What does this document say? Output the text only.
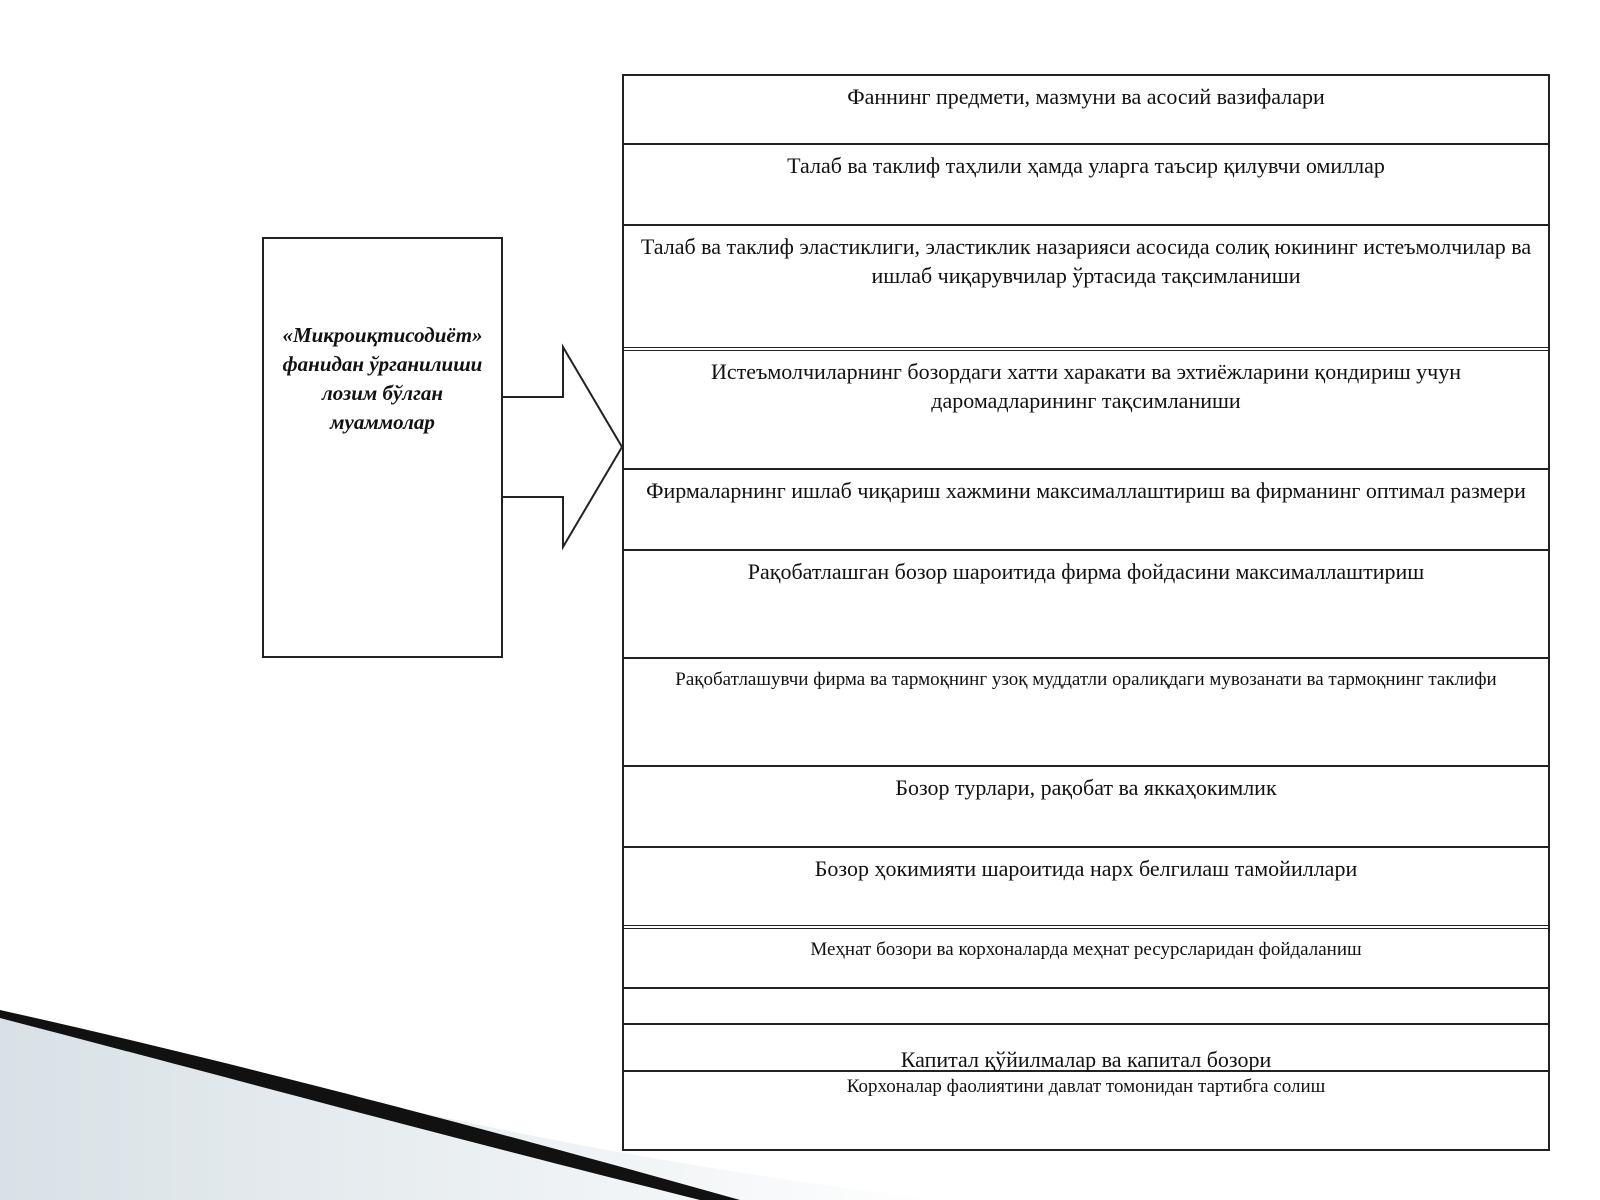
«Микроиқтисодиёт»
фанидан ўрганилиши
лозим бўлган
муаммолар
Фаннинг предмети, мазмуни ва асосий вазифалари
Талаб ва таклиф таҳлили ҳамда уларга таъсир қилувчи омиллар
Талаб ва таклиф эластиклиги, эластиклик назарияси асосида солиқ юкининг истеъмолчилар ва ишлаб чиқарувчилар ўртасида тақсимланиши
Истеъмолчиларнинг бозордаги хатти харакати ва эхтиёжларини қондириш учун даромадларининг тақсимланиши
Фирмаларнинг ишлаб чиқариш хажмини максималлаштириш ва фирманинг оптимал размери
Рақобатлашган бозор шароитида фирма фойдасини максималлаштириш
Рақобатлашувчи фирма ва тармоқнинг узоқ муддатли оралиқдаги мувозанати ва тармоқнинг таклифи
Бозор турлари, рақобат ва яккаҳокимлик
Бозор ҳокимияти шароитида нарх белгилаш тамойиллари
Меҳнат бозори ва корхоналарда меҳнат ресурсларидан фойдаланиш
Капитал қўйилмалар ва капитал бозори
Корхоналар фаолиятини давлат томонидан тартибга солиш
